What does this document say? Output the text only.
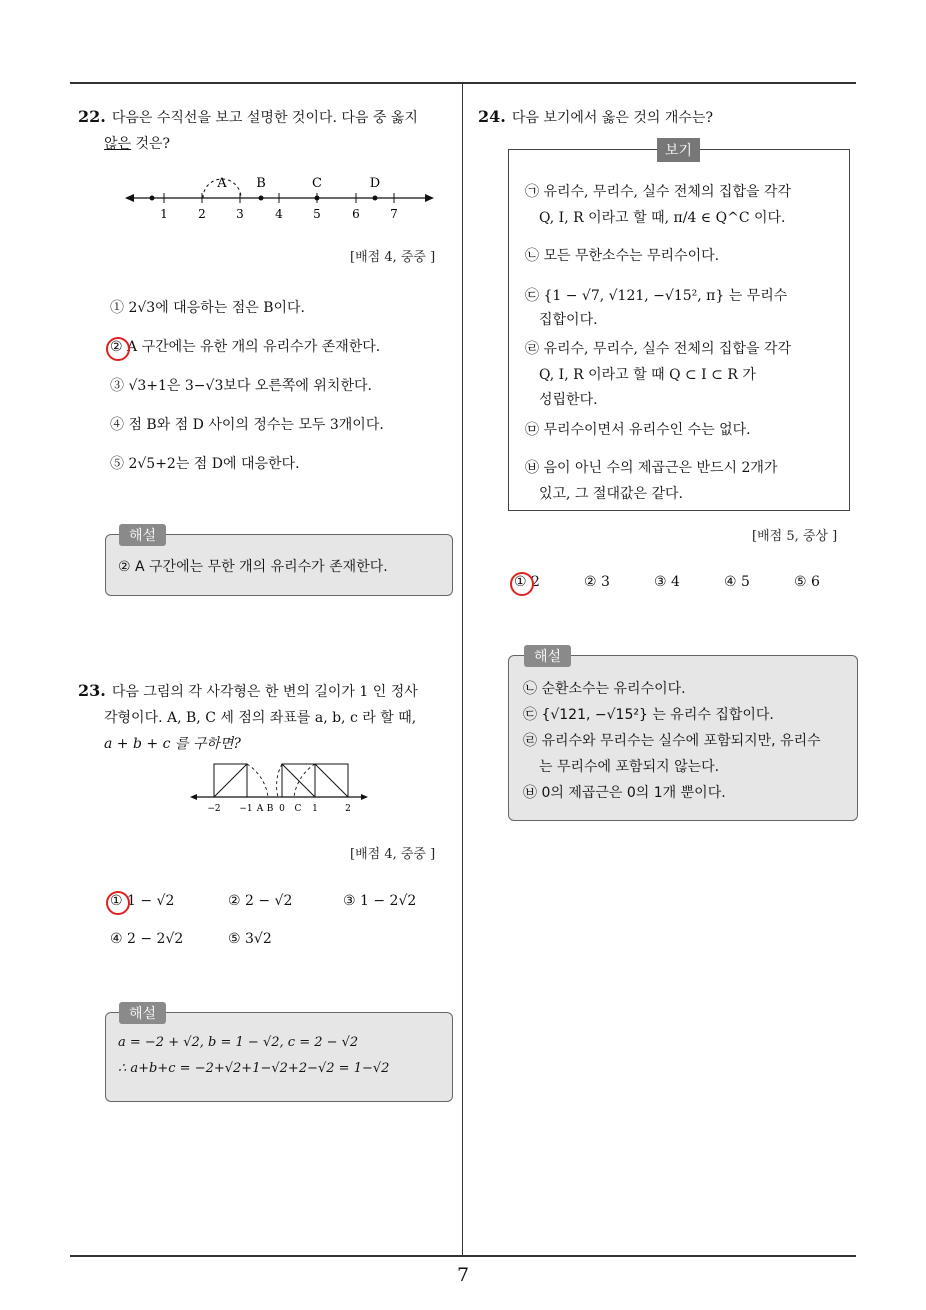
22. 다음은 수직선을 보고 설명한 것이다. 다음 중 옳지
않은 것은?
A B	C	D
1	2	3	4	5	6	7
[배점 4, 중중 ]
① 2√3에 대응하는 점은 B이다.
② A 구간에는 유한 개의 유리수가 존재한다.
③ √3+1은 3−√3보다 오른쪽에 위치한다.
④ 점 B와 점 D 사이의 정수는 모두 3개이다.
⑤ 2√5+2는 점 D에 대응한다.
해설
② A 구간에는 무한 개의 유리수가 존재한다.
23. 다음 그림의 각 사각형은 한 변의 길이가 1 인 정사
각형이다. A, B, C 세 점의 좌표를 a, b, c 라 할 때,
a + b + c 를 구하면?
−2 −1 A B 0 C 1	2
[배점 4, 중중 ]
① 1 − √2	② 2 − √2	③ 1 − 2√2
④ 2 − 2√2	⑤ 3√2
해설
a = −2 + √2, b = 1 − √2, c = 2 − √2
∴ a+b+c = −2+√2+1−√2+2−√2 = 1−√2
24. 다음 보기에서 옳은 것의 개수는?
보기
㉠ 유리수, 무리수, 실수 전체의 집합을 각각
Q, I, R 이라고 할 때, π/4 ∈ Q^C 이다.
㉡ 모든 무한소수는 무리수이다.
㉢ {1 − √7, √121, −√15², π} 는 무리수
집합이다.
㉣ 유리수, 무리수, 실수 전체의 집합을 각각
Q, I, R 이라고 할 때 Q ⊂ I ⊂ R 가
성립한다.
㉤ 무리수이면서 유리수인 수는 없다.
㉥ 음이 아닌 수의 제곱근은 반드시 2개가
있고, 그 절대값은 같다.
[배점 5, 중상 ]
① 2	② 3	③ 4	④ 5	⑤ 6
해설
㉡ 순환소수는 유리수이다.
㉢ {√121, −√15²} 는 유리수 집합이다.
㉣ 유리수와 무리수는 실수에 포함되지만, 유리수
는 무리수에 포함되지 않는다.
㉥ 0의 제곱근은 0의 1개 뿐이다.
7
